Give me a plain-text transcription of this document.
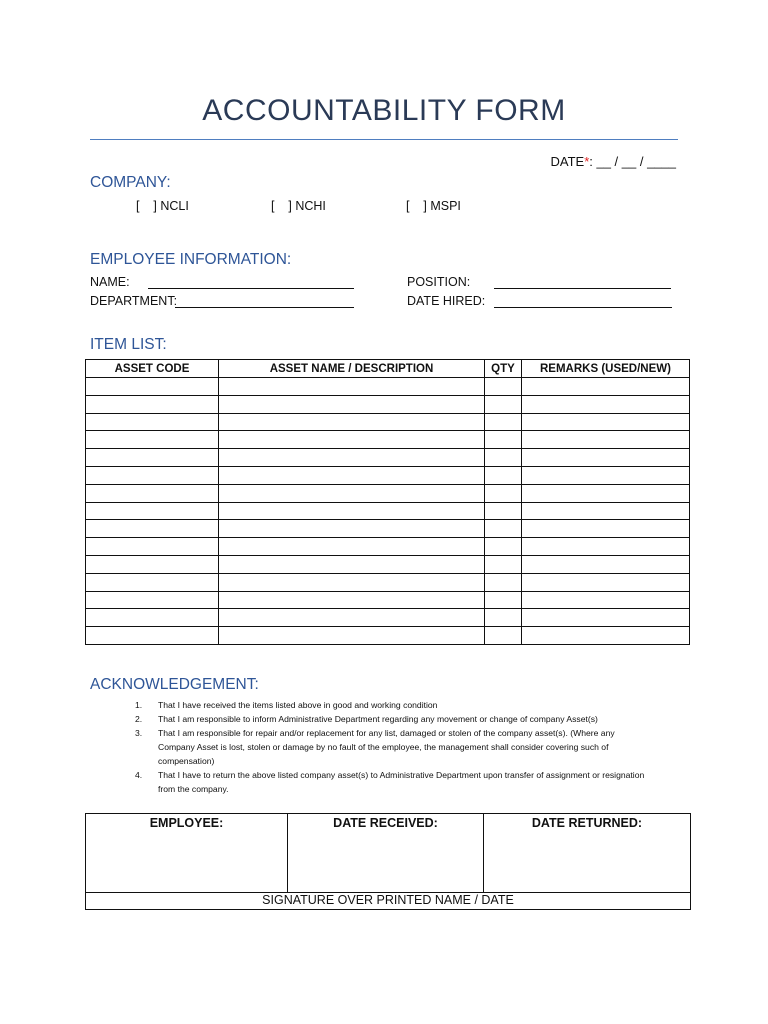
ACCOUNTABILITY FORM
DATE*: __ / __ / ____
COMPANY:
[    ] NCLI	[    ] NCHI	[    ] MSPI
EMPLOYEE INFORMATION:
NAME:
DEPARTMENT:
POSITION:
DATE HIRED:
ITEM LIST:
ASSET CODE	ASSET NAME / DESCRIPTION	QTY	REMARKS (USED/NEW)

ACKNOWLEDGEMENT:
1. That I have received the items listed above in good and working condition
2. That I am responsible to inform Administrative Department regarding any movement or change of company Asset(s)
3. That I am responsible for repair and/or replacement for any list, damaged or stolen of the company asset(s). (Where any Company Asset is lost, stolen or damage by no fault of the employee, the management shall consider covering such of compensation)
4. That I have to return the above listed company asset(s) to Administrative Department upon transfer of assignment or resignation from the company.
EMPLOYEE:	DATE RECEIVED:	DATE RETURNED:
SIGNATURE OVER PRINTED NAME / DATE
